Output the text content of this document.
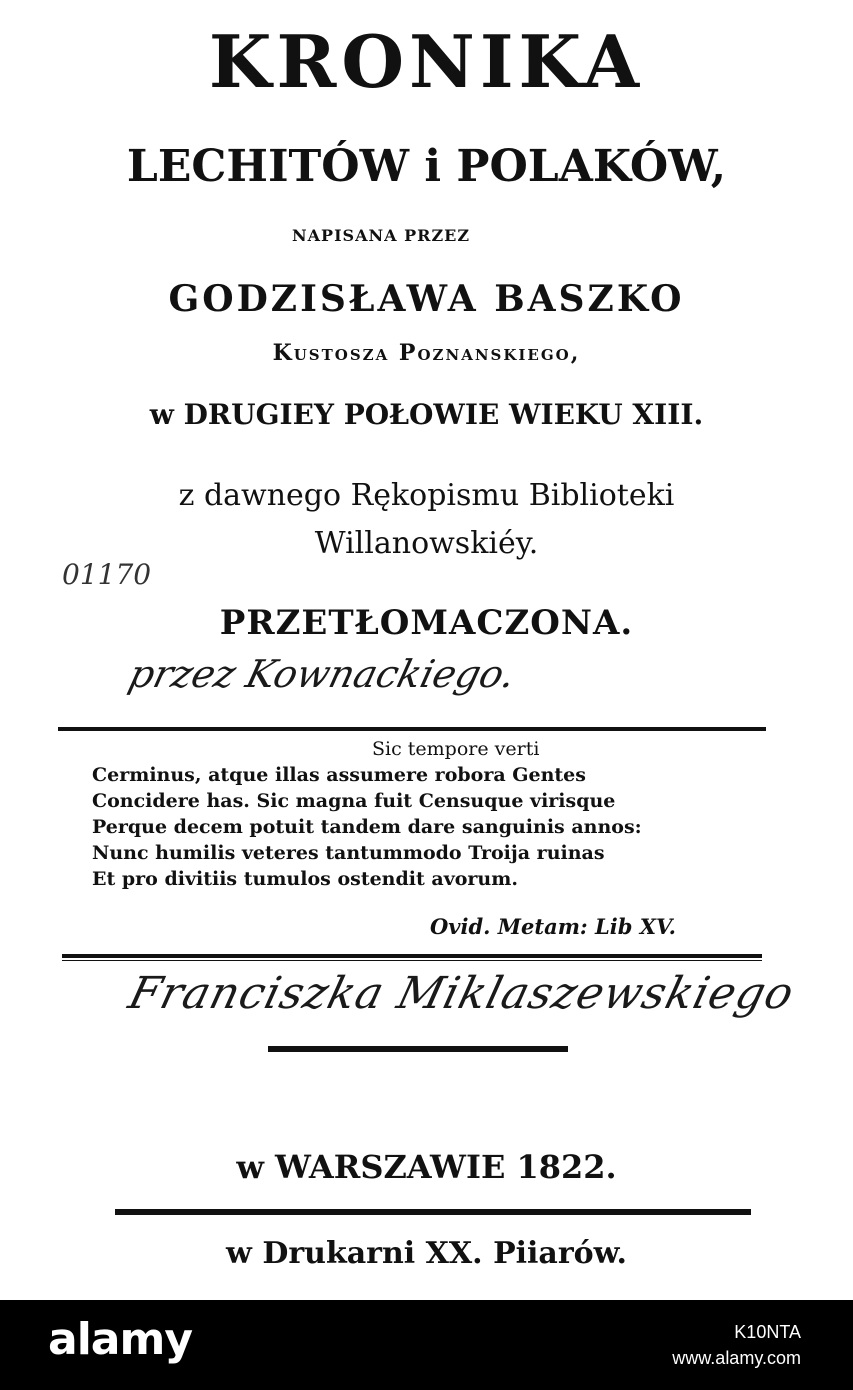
KRONIKA
LECHITÓW i POLAKÓW,
NAPISANA PRZEZ
GODZISŁAWA BASZKO
Kustosza Poznanskiego,
w DRUGIEY POŁOWIE WIEKU XIII.
z dawnego Rękopismu Biblioteki
Willanowskiéy.
01170
PRZETŁOMACZONA.
przez Kownackiego.
Sic tempore verti
Cerminus, atque illas assumere robora Gentes
Concidere has. Sic magna fuit Censuque virisque
Perque decem potuit tandem dare sanguinis annos:
Nunc humilis veteres tantummodo Troija ruinas
Et pro divitiis tumulos ostendit avorum.
Ovid. Metam: Lib XV.
Franciszka Miklaszewskiego
w WARSZAWIE 1822.
w Drukarni XX. Piiarów.
alamy	K10NTA
www.alamy.com
